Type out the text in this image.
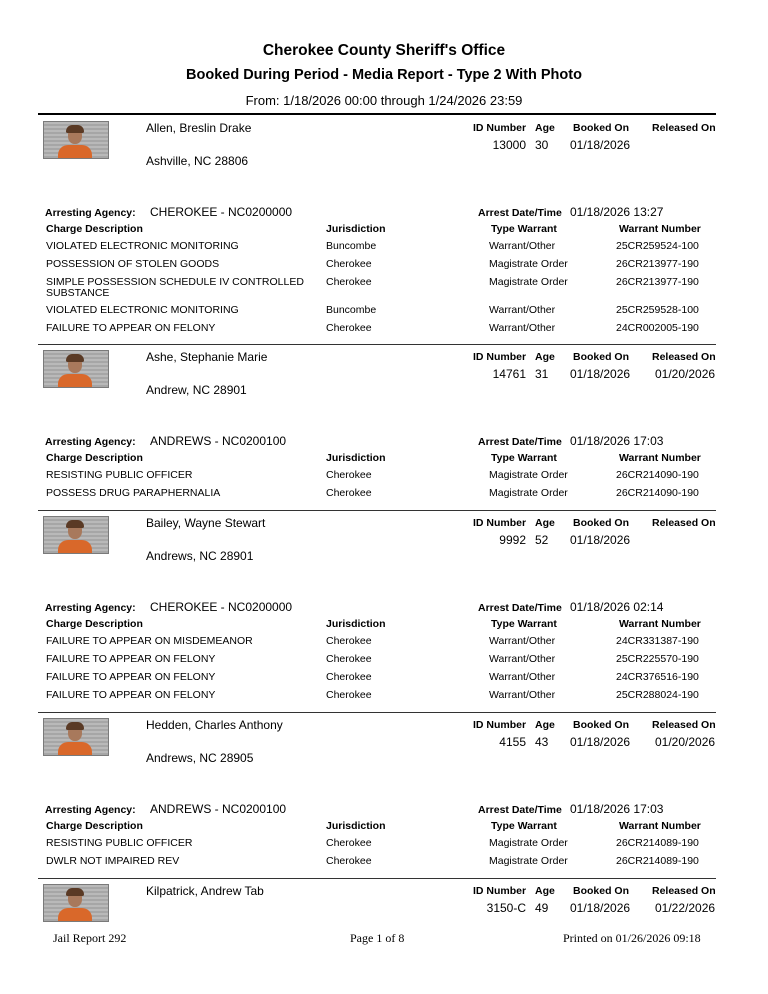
Cherokee County Sheriff's Office
Booked During Period - Media Report - Type 2 With Photo
From: 1/18/2026 00:00 through 1/24/2026 23:59
Allen, Breslin Drake
Ashville, NC 28806
ID Number Age Booked On Released On
13000 30 01/18/2026
Arresting Agency: CHEROKEE - NC0200000	Arrest Date/Time 01/18/2026 13:27
Charge Description	Jurisdiction	Type Warrant	Warrant Number
VIOLATED ELECTRONIC MONITORING	Buncombe	Warrant/Other	25CR259524-100
POSSESSION OF STOLEN GOODS	Cherokee	Magistrate Order	26CR213977-190
SIMPLE POSSESSION SCHEDULE IV CONTROLLED
SUBSTANCE
Cherokee	Magistrate Order	26CR213977-190
VIOLATED ELECTRONIC MONITORING	Buncombe	Warrant/Other	25CR259528-100
FAILURE TO APPEAR ON FELONY	Cherokee	Warrant/Other	24CR002005-190
Ashe, Stephanie Marie
Andrew, NC 28901
ID Number Age Booked On Released On
14761 31 01/18/2026 01/20/2026
Arresting Agency: ANDREWS - NC0200100	Arrest Date/Time 01/18/2026 17:03
Charge Description	Jurisdiction	Type Warrant	Warrant Number
RESISTING PUBLIC OFFICER	Cherokee	Magistrate Order	26CR214090-190
POSSESS DRUG PARAPHERNALIA	Cherokee	Magistrate Order	26CR214090-190
Bailey, Wayne Stewart
Andrews, NC 28901
ID Number Age Booked On Released On
9992 52 01/18/2026
Arresting Agency: CHEROKEE - NC0200000	Arrest Date/Time 01/18/2026 02:14
Charge Description	Jurisdiction	Type Warrant	Warrant Number
FAILURE TO APPEAR ON MISDEMEANOR	Cherokee	Warrant/Other	24CR331387-190
FAILURE TO APPEAR ON FELONY	Cherokee	Warrant/Other	25CR225570-190
FAILURE TO APPEAR ON FELONY	Cherokee	Warrant/Other	24CR376516-190
FAILURE TO APPEAR ON FELONY	Cherokee	Warrant/Other	25CR288024-190
Hedden, Charles Anthony
Andrews, NC 28905
ID Number Age Booked On Released On
4155 43 01/18/2026 01/20/2026
Arresting Agency: ANDREWS - NC0200100	Arrest Date/Time 01/18/2026 17:03
Charge Description	Jurisdiction	Type Warrant	Warrant Number
RESISTING PUBLIC OFFICER	Cherokee	Magistrate Order	26CR214089-190
DWLR NOT IMPAIRED REV	Cherokee	Magistrate Order	26CR214089-190
Kilpatrick, Andrew Tab	ID Number Age Booked On Released On
3150-C 49 01/18/2026 01/22/2026
Jail Report 292	Page 1 of 8	Printed on 01/26/2026 09:18
